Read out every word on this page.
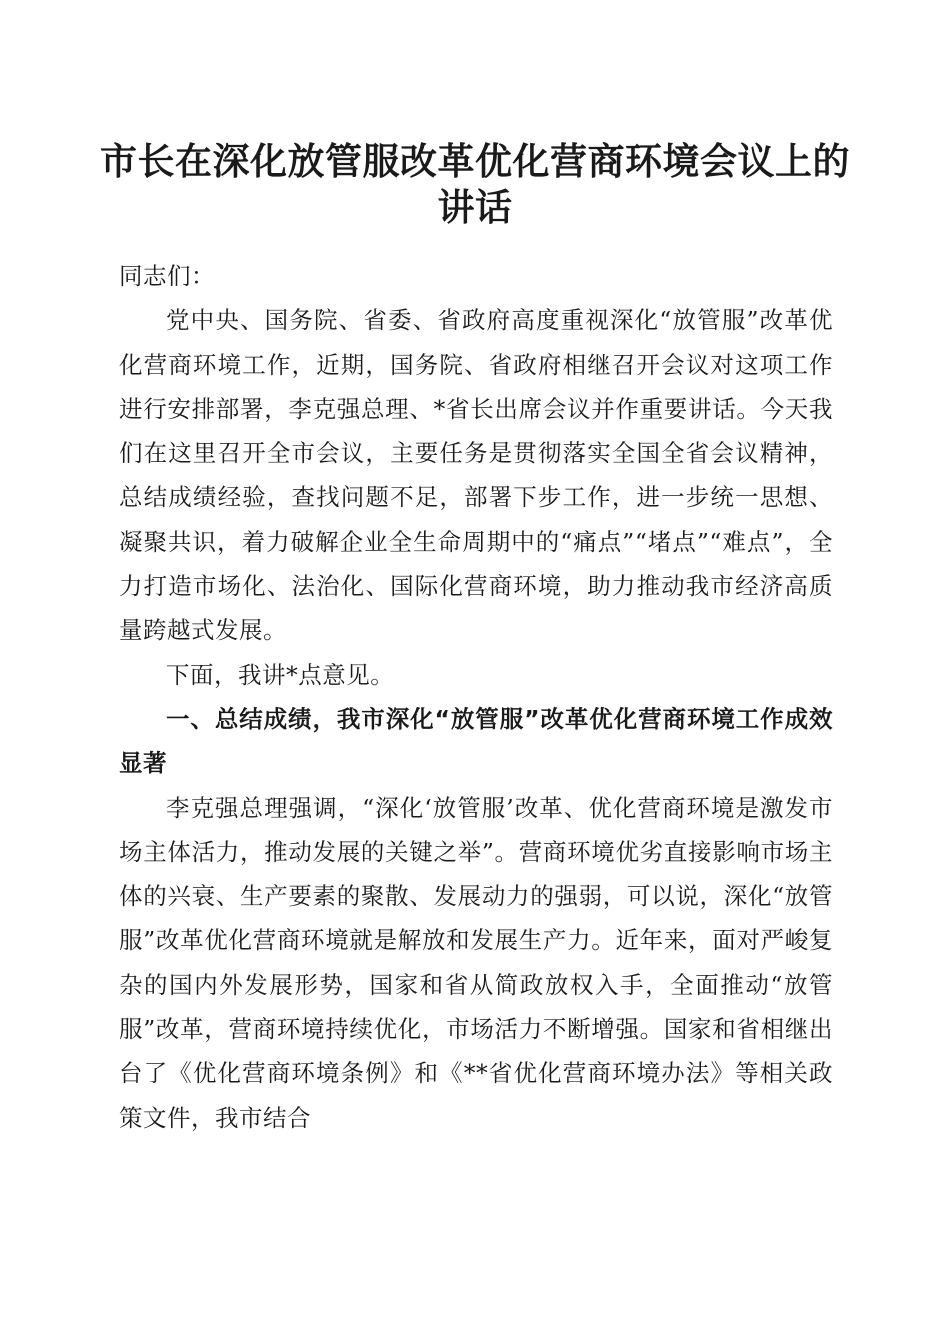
市长在深化放管服改革优化营商环境会议上的讲话

同志们：

党中央、国务院、省委、省政府高度重视深化“放管服”改革优化营商环境工作，近期，国务院、省政府相继召开会议对这项工作进行安排部署，李克强总理、*省长出席会议并作重要讲话。今天我们在这里召开全市会议，主要任务是贯彻落实全国全省会议精神，总结成绩经验，查找问题不足，部署下步工作，进一步统一思想、凝聚共识，着力破解企业全生命周期中的“痛点”“堵点”“难点”，全力打造市场化、法治化、国际化营商环境，助力推动我市经济高质量跨越式发展。

下面，我讲*点意见。

一、总结成绩，我市深化“放管服”改革优化营商环境工作成效显著

李克强总理强调，“深化‘放管服’改革、优化营商环境是激发市场主体活力，推动发展的关键之举”。营商环境优劣直接影响市场主体的兴衰、生产要素的聚散、发展动力的强弱，可以说，深化“放管服”改革优化营商环境就是解放和发展生产力。近年来，面对严峻复杂的国内外发展形势，国家和省从简政放权入手，全面推动“放管服”改革，营商环境持续优化，市场活力不断增强。国家和省相继出台了《优化营商环境条例》和《**省优化营商环境办法》等相关政策文件，我市结合
